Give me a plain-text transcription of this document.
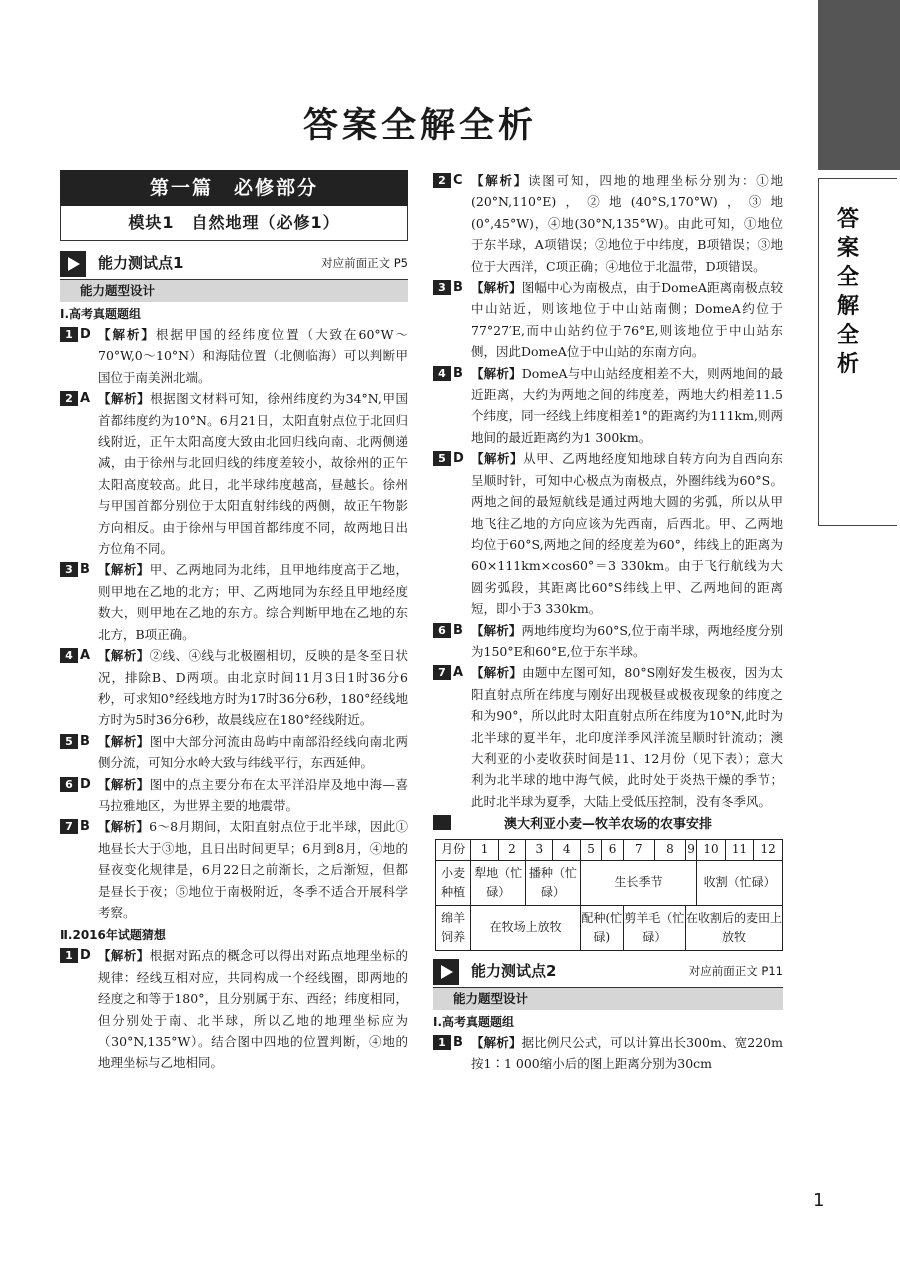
答
案
全
解
全
析
答案全解全析
第一篇　必修部分
模块1　自然地理（必修1）
能力测试点1	对应前面正文 P5
能力题型设计
Ⅰ.高考真题题组
1 D 【解析】根据甲国的经纬度位置（大致在60°W～70°W,0～10°N）和海陆位置（北侧临海）可以判断甲国位于南美洲北端。
2 A 【解析】根据图文材料可知，徐州纬度约为34°N,甲国首都纬度约为10°N。6月21日，太阳直射点位于北回归线附近，正午太阳高度大致由北回归线向南、北两侧递减，由于徐州与北回归线的纬度差较小，故徐州的正午太阳高度较高。此日，北半球纬度越高，昼越长。徐州与甲国首都分别位于太阳直射纬线的两侧，故正午物影方向相反。由于徐州与甲国首都纬度不同，故两地日出方位角不同。
3 B 【解析】甲、乙两地同为北纬，且甲地纬度高于乙地，则甲地在乙地的北方；甲、乙两地同为东经且甲地经度数大，则甲地在乙地的东方。综合判断甲地在乙地的东北方，B项正确。
4 A 【解析】②线、④线与北极圈相切，反映的是冬至日状况，排除B、D两项。由北京时间11月3日1时36分6秒，可求知0°经线地方时为17时36分6秒，180°经线地方时为5时36分6秒，故晨线应在180°经线附近。
5 B 【解析】图中大部分河流由岛屿中南部沿经线向南北两侧分流，可知分水岭大致与纬线平行，东西延伸。
6 D 【解析】图中的点主要分布在太平洋沿岸及地中海—喜马拉雅地区，为世界主要的地震带。
7 B 【解析】6～8月期间，太阳直射点位于北半球，因此①地昼长大于③地，且日出时间更早；6月到8月，④地的昼夜变化规律是，6月22日之前渐长，之后渐短，但都是昼长于夜；⑤地位于南极附近，冬季不适合开展科学考察。
Ⅱ.2016年试题猜想
1 D 【解析】根据对跖点的概念可以得出对跖点地理坐标的规律：经线互相对应，共同构成一个经线圈，即两地的经度之和等于180°，且分别属于东、西经；纬度相同，但分别处于南、北半球，所以乙地的地理坐标应为（30°N,135°W）。结合图中四地的位置判断，④地的地理坐标与乙地相同。
2 C 【解析】读图可知，四地的地理坐标分别为：①地(20°N,110°E)，②地(40°S,170°W)，③地(0°,45°W)，④地(30°N,135°W)。由此可知，①地位于东半球，A项错误；②地位于中纬度，B项错误；③地位于大西洋，C项正确；④地位于北温带，D项错误。
3 B 【解析】图幅中心为南极点，由于DomeA距离南极点较中山站近，则该地位于中山站南侧；DomeA约位于77°27′E,而中山站约位于76°E,则该地位于中山站东侧，因此DomeA位于中山站的东南方向。
4 B 【解析】DomeA与中山站经度相差不大，则两地间的最近距离，大约为两地之间的纬度差，两地大约相差11.5个纬度，同一经线上纬度相差1°的距离约为111km,则两地间的最近距离约为1 300km。
5 D 【解析】从甲、乙两地经度知地球自转方向为自西向东呈顺时针，可知中心极点为南极点，外圈纬线为60°S。两地之间的最短航线是通过两地大圆的劣弧，所以从甲地飞往乙地的方向应该为先西南，后西北。甲、乙两地均位于60°S,两地之间的经度差为60°，纬线上的距离为60×111km×cos60°＝3 330km。由于飞行航线为大圆劣弧段，其距离比60°S纬线上甲、乙两地间的距离短，即小于3 330km。
6 B 【解析】两地纬度均为60°S,位于南半球，两地经度分别为150°E和60°E,位于东半球。
7 A 【解析】由题中左图可知，80°S刚好发生极夜，因为太阳直射点所在纬度与刚好出现极昼或极夜现象的纬度之和为90°，所以此时太阳直射点所在纬度为10°N,此时为北半球的夏半年，北印度洋季风洋流呈顺时针流动；澳大利亚的小麦收获时间是11、12月份（见下表）；意大利为北半球的地中海气候，此时处于炎热干燥的季节；此时北半球为夏季，大陆上受低压控制，没有冬季风。
澳大利亚小麦—牧羊农场的农事安排
月份	1	2	3	4	5	6	7	8	9	10	11	12
小麦种植	犁地（忙碌）		播种（忙碌）		生长季节					收割（忙碌）		
绵羊饲养	在牧场上放牧				配种(忙碌)		剪羊毛（忙碌）		在收割后的麦田上放牧			
能力测试点2	对应前面正文 P11
能力题型设计
Ⅰ.高考真题题组
1 B 【解析】据比例尺公式，可以计算出长300m、宽220m按1∶1 000缩小后的图上距离分别为30cm
1
